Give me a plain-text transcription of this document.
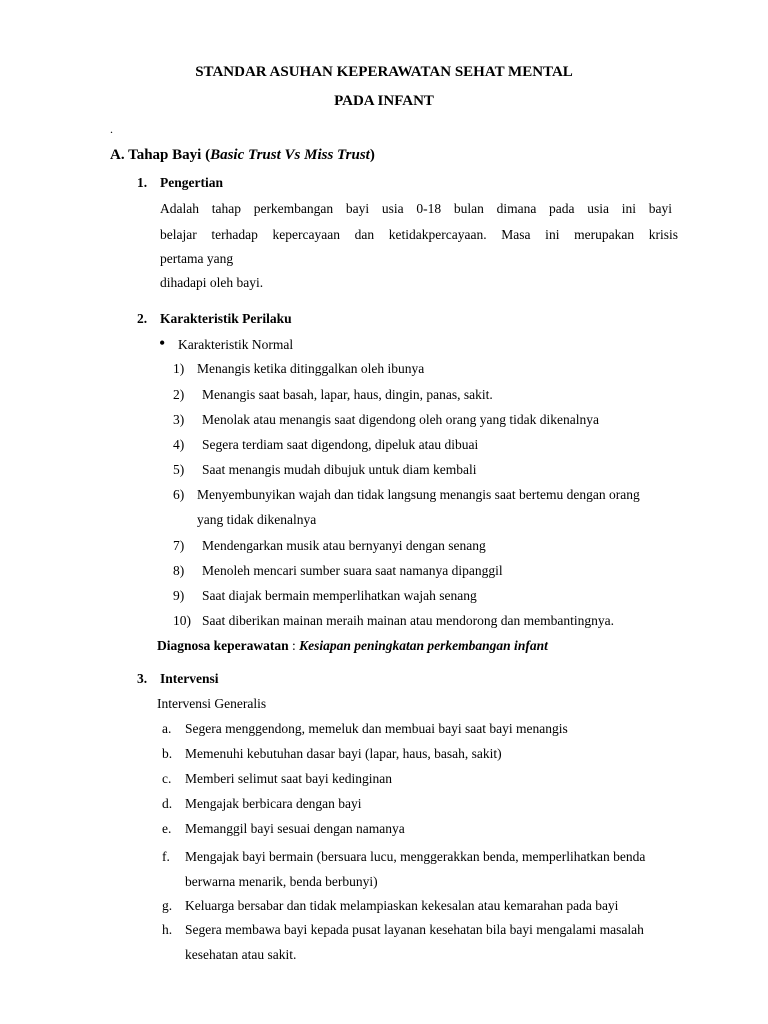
STANDAR ASUHAN KEPERAWATAN SEHAT MENTAL
PADA INFANT
.
A. Tahap Bayi (Basic Trust Vs Miss Trust)
1. Pengertian
Adalah tahap perkembangan bayi usia 0-18 bulan dimana pada usia ini bayi
belajar terhadap kepercayaan dan ketidakpercayaan. Masa ini merupakan krisis
pertama yang
dihadapi oleh bayi.
2. Karakteristik Perilaku
• Karakteristik Normal
1) Menangis ketika ditinggalkan oleh ibunya
2) Menangis saat basah, lapar, haus, dingin, panas, sakit.
3) Menolak atau menangis saat digendong oleh orang yang tidak dikenalnya
4) Segera terdiam saat digendong, dipeluk atau dibuai
5) Saat menangis mudah dibujuk untuk diam kembali
6) Menyembunyikan wajah dan tidak langsung menangis saat bertemu dengan orang
yang tidak dikenalnya
7) Mendengarkan musik atau bernyanyi dengan senang
8) Menoleh mencari sumber suara saat namanya dipanggil
9) Saat diajak bermain memperlihatkan wajah senang
10) Saat diberikan mainan meraih mainan atau mendorong dan membantingnya.
Diagnosa keperawatan : Kesiapan peningkatan perkembangan infant
3. Intervensi
Intervensi Generalis
a. Segera menggendong, memeluk dan membuai bayi saat bayi menangis
b. Memenuhi kebutuhan dasar bayi (lapar, haus, basah, sakit)
c. Memberi selimut saat bayi kedinginan
d. Mengajak berbicara dengan bayi
e. Memanggil bayi sesuai dengan namanya
f. Mengajak bayi bermain (bersuara lucu, menggerakkan benda, memperlihatkan benda
berwarna menarik, benda berbunyi)
g. Keluarga bersabar dan tidak melampiaskan kekesalan atau kemarahan pada bayi
h. Segera membawa bayi kepada pusat layanan kesehatan bila bayi mengalami masalah
kesehatan atau sakit.
